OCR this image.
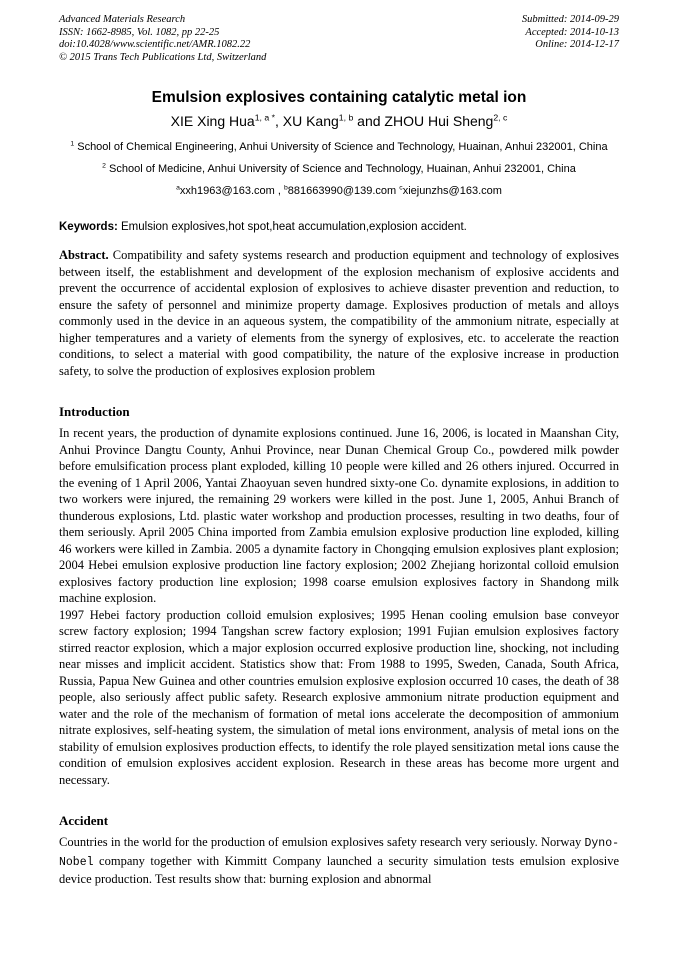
Advanced Materials Research
ISSN: 1662-8985, Vol. 1082, pp 22-25
doi:10.4028/www.scientific.net/AMR.1082.22
© 2015 Trans Tech Publications Ltd, Switzerland
Submitted: 2014-09-29
Accepted: 2014-10-13
Online: 2014-12-17
Emulsion explosives containing catalytic metal ion
XIE Xing Hua$^{1, a *}$, XU Kang$^{1, b}$ and ZHOU Hui Sheng$^{2, c}$
$^1$ School of Chemical Engineering, Anhui University of Science and Technology, Huainan, Anhui 232001, China
$^2$ School of Medicine, Anhui University of Science and Technology, Huainan, Anhui 232001, China
$^a$xxh1963@163.com , $^b$881663990@139.com $^c$xiejunzhs@163.com
Keywords: Emulsion explosives,hot spot,heat accumulation,explosion accident.

Abstract. Compatibility and safety systems research and production equipment and technology of explosives between itself, the establishment and development of the explosion mechanism of explosive accidents and prevent the occurrence of accidental explosion of explosives to achieve disaster prevention and reduction, to ensure the safety of personnel and minimize property damage. Explosives production of metals and alloys commonly used in the device in an aqueous system, the compatibility of the ammonium nitrate, especially at higher temperatures and a variety of elements from the synergy of explosives, etc. to accelerate the reaction conditions, to select a material with good compatibility, the nature of the explosive increase in production safety, to solve the production of explosives explosion problem

Introduction

In recent years, the production of dynamite explosions continued. June 16, 2006, is located in Maanshan City, Anhui Province Dangtu County, Anhui Province, near Dunan Chemical Group Co., powdered milk powder before emulsification process plant exploded, killing 10 people were killed and 26 others injured. Occurred in the evening of 1 April 2006, Yantai Zhaoyuan seven hundred sixty-one Co. dynamite explosions, in addition to two workers were injured, the remaining 29 workers were killed in the post. June 1, 2005, Anhui Branch of thunderous explosions, Ltd. plastic water workshop and production processes, resulting in two deaths, four of them seriously. April 2005 China imported from Zambia emulsion explosive production line exploded, killing 46 workers were killed in Zambia. 2005 a dynamite factory in Chongqing emulsion explosives plant explosion; 2004 Hebei emulsion explosive production line factory explosion; 2002 Zhejiang horizontal colloid emulsion explosives factory production line explosion; 1998 coarse emulsion explosives factory in Shandong milk machine explosion.

1997 Hebei factory production colloid emulsion explosives; 1995 Henan cooling emulsion base conveyor screw factory explosion; 1994 Tangshan screw factory explosion; 1991 Fujian emulsion explosives factory stirred reactor explosion, which a major explosion occurred explosive production line, shocking, not including near misses and implicit accident. Statistics show that: From 1988 to 1995, Sweden, Canada, South Africa, Russia, Papua New Guinea and other countries emulsion explosive explosion occurred 10 cases, the death of 38 people, also seriously affect public safety. Research explosive ammonium nitrate production equipment and water and the role of the mechanism of formation of metal ions accelerate the decomposition of ammonium nitrate explosives, self-heating system, the simulation of metal ions environment, analysis of metal ions on the stability of emulsion explosives production effects, to identify the role played sensitization metal ions cause the condition of emulsion explosives accident explosion. Research in these areas has become more urgent and necessary.

Accident

Countries in the world for the production of emulsion explosives safety research very seriously. Norway Dyno-Nobel company together with Kimmitt Company launched a security simulation tests emulsion explosive device production. Test results show that: burning explosion and abnormal
